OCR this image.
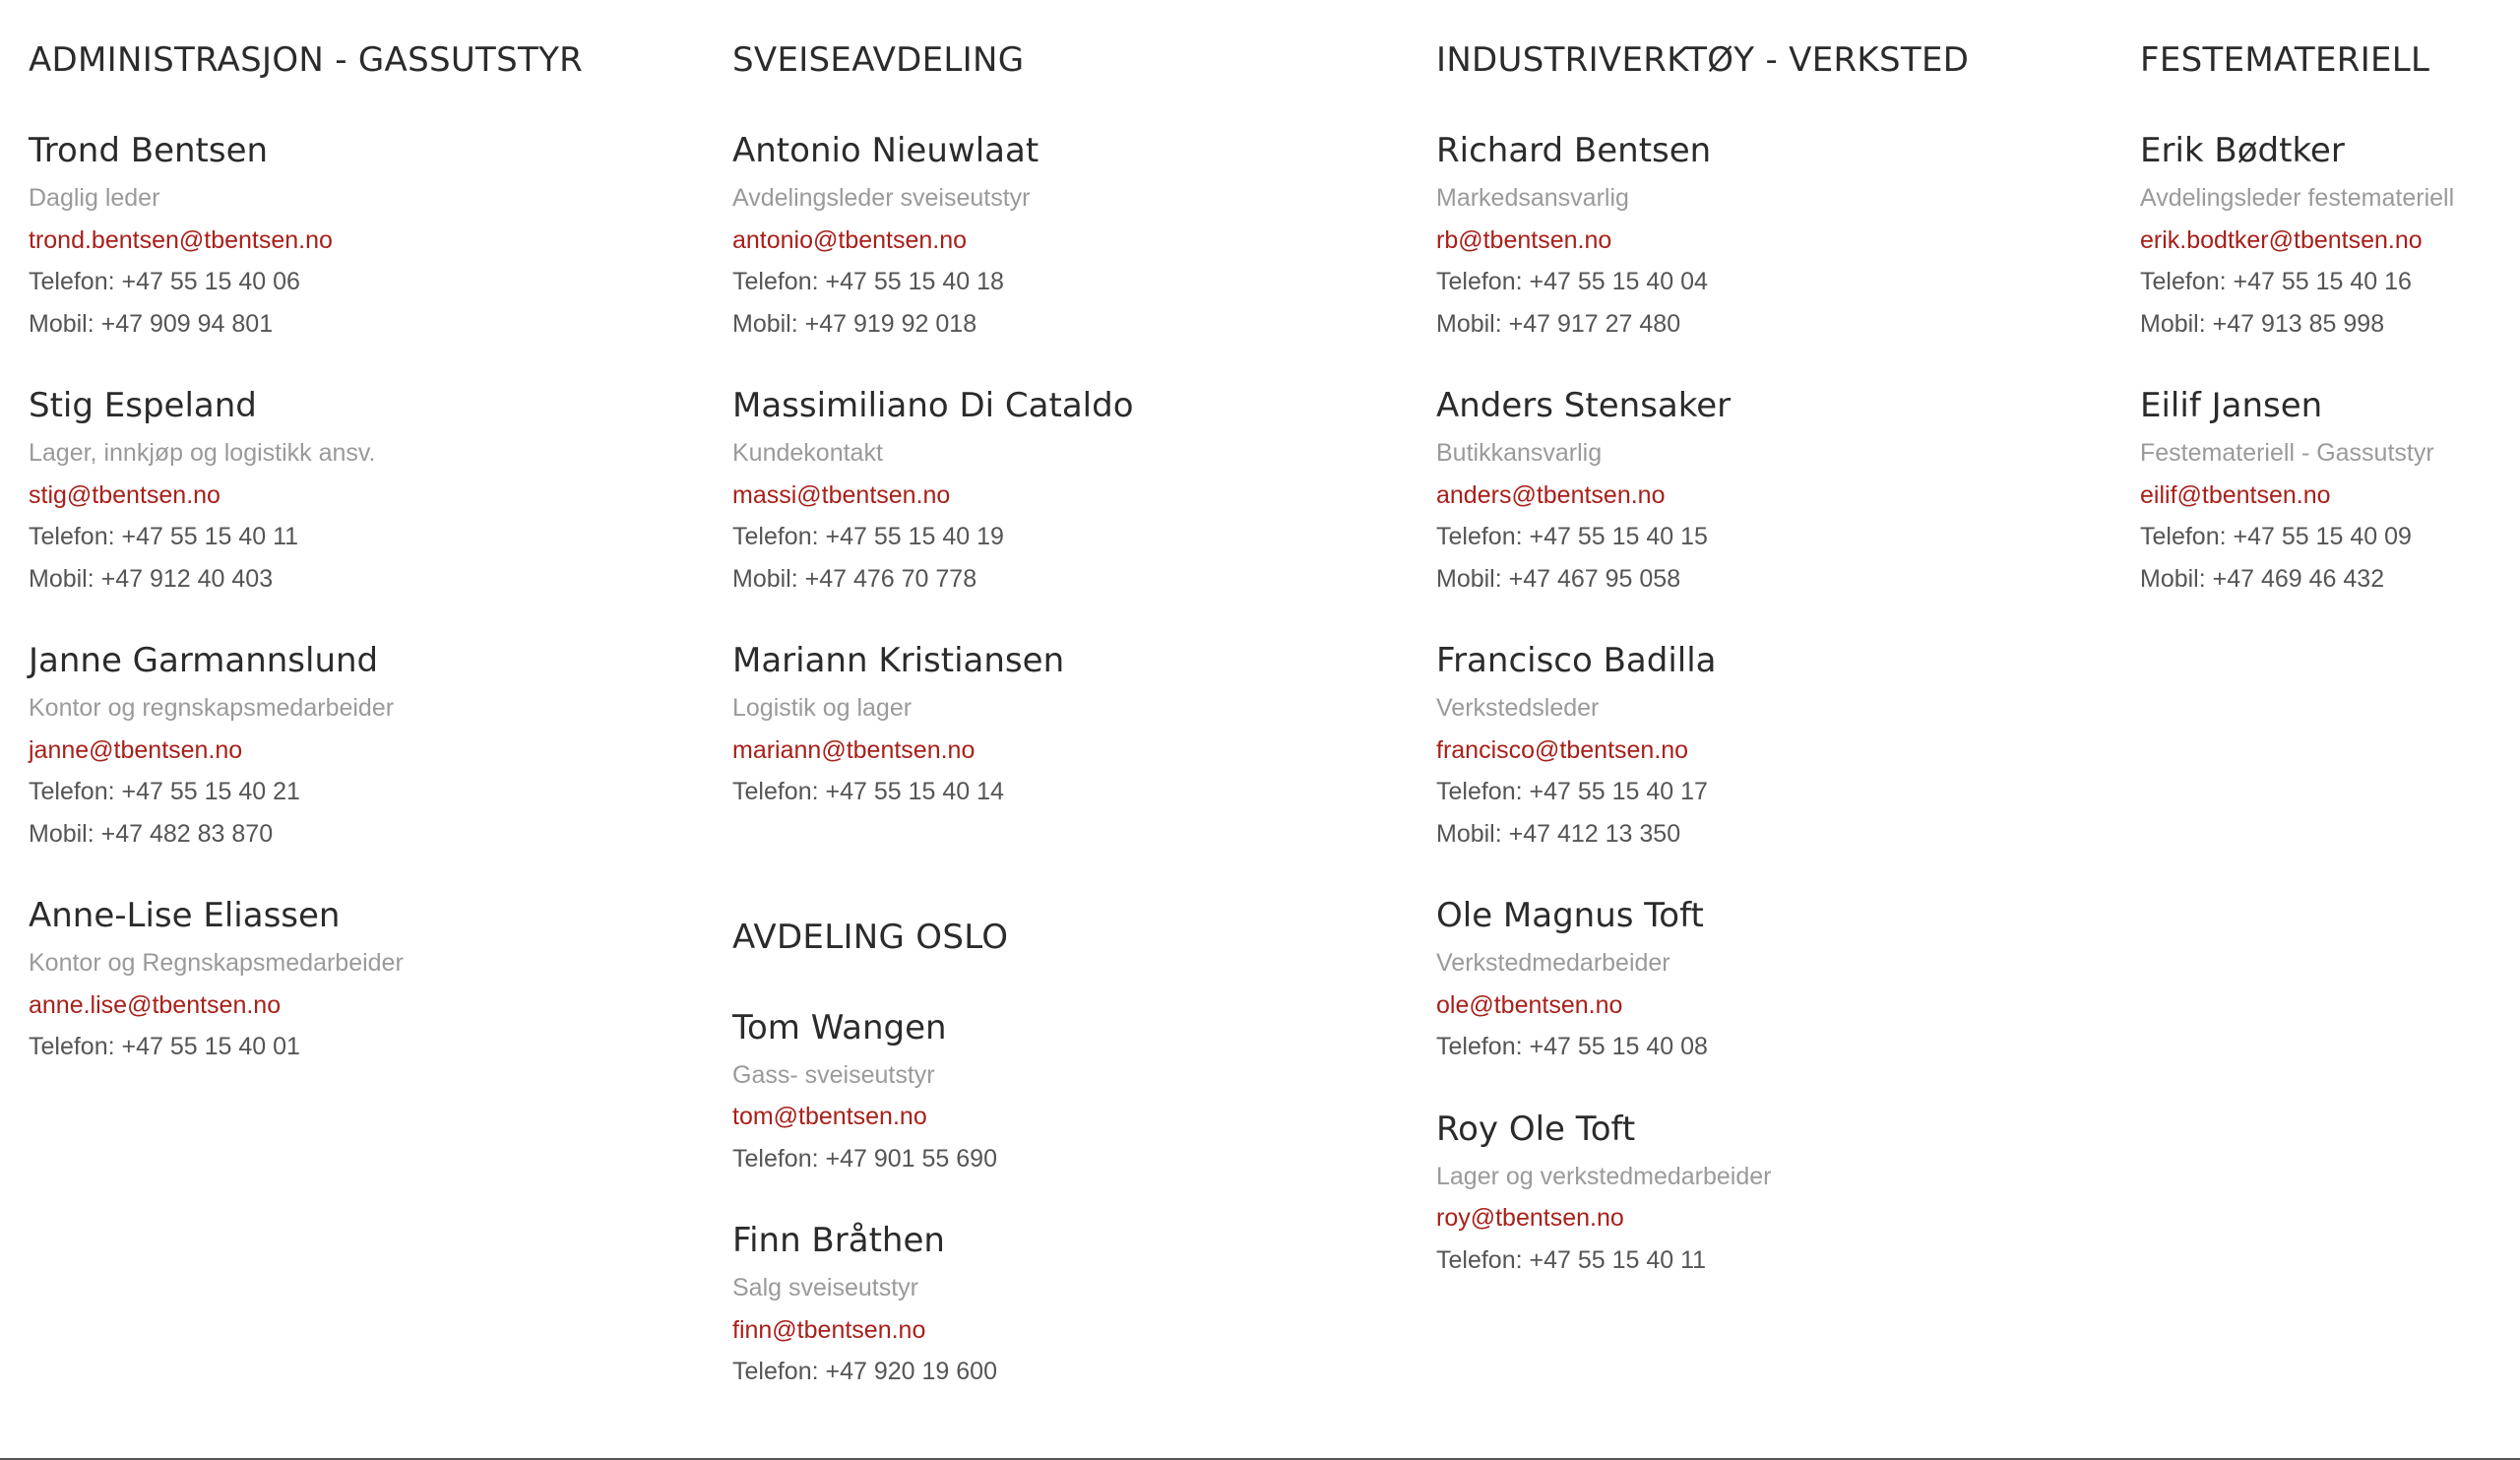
ADMINISTRASJON - GASSUTSTYR
Trond Bentsen
Daglig leder
trond.bentsen@tbentsen.no
Telefon: +47 55 15 40 06
Mobil: +47 909 94 801
Stig Espeland
Lager, innkjøp og logistikk ansv.
stig@tbentsen.no
Telefon: +47 55 15 40 11
Mobil: +47 912 40 403
Janne Garmannslund
Kontor og regnskapsmedarbeider
janne@tbentsen.no
Telefon: +47 55 15 40 21
Mobil: +47 482 83 870
Anne-Lise Eliassen
Kontor og Regnskapsmedarbeider
anne.lise@tbentsen.no
Telefon: +47 55 15 40 01
SVEISEAVDELING
Antonio Nieuwlaat
Avdelingsleder sveiseutstyr
antonio@tbentsen.no
Telefon: +47 55 15 40 18
Mobil: +47 919 92 018
Massimiliano Di Cataldo
Kundekontakt
massi@tbentsen.no
Telefon: +47 55 15 40 19
Mobil: +47 476 70 778
Mariann Kristiansen
Logistik og lager
mariann@tbentsen.no
Telefon: +47 55 15 40 14
AVDELING OSLO
Tom Wangen
Gass- sveiseutstyr
tom@tbentsen.no
Telefon: +47 901 55 690
Finn Bråthen
Salg sveiseutstyr
finn@tbentsen.no
Telefon: +47 920 19 600
INDUSTRIVERKTØY - VERKSTED
Richard Bentsen
Markedsansvarlig
rb@tbentsen.no
Telefon: +47 55 15 40 04
Mobil: +47 917 27 480
Anders Stensaker
Butikkansvarlig
anders@tbentsen.no
Telefon: +47 55 15 40 15
Mobil: +47 467 95 058
Francisco Badilla
Verkstedsleder
francisco@tbentsen.no
Telefon: +47 55 15 40 17
Mobil: +47 412 13 350
Ole Magnus Toft
Verkstedmedarbeider
ole@tbentsen.no
Telefon: +47 55 15 40 08
Roy Ole Toft
Lager og verkstedmedarbeider
roy@tbentsen.no
Telefon: +47 55 15 40 11
FESTEMATERIELL
Erik Bødtker
Avdelingsleder festemateriell
erik.bodtker@tbentsen.no
Telefon: +47 55 15 40 16
Mobil: +47 913 85 998
Eilif Jansen
Festemateriell - Gassutstyr
eilif@tbentsen.no
Telefon: +47 55 15 40 09
Mobil: +47 469 46 432
